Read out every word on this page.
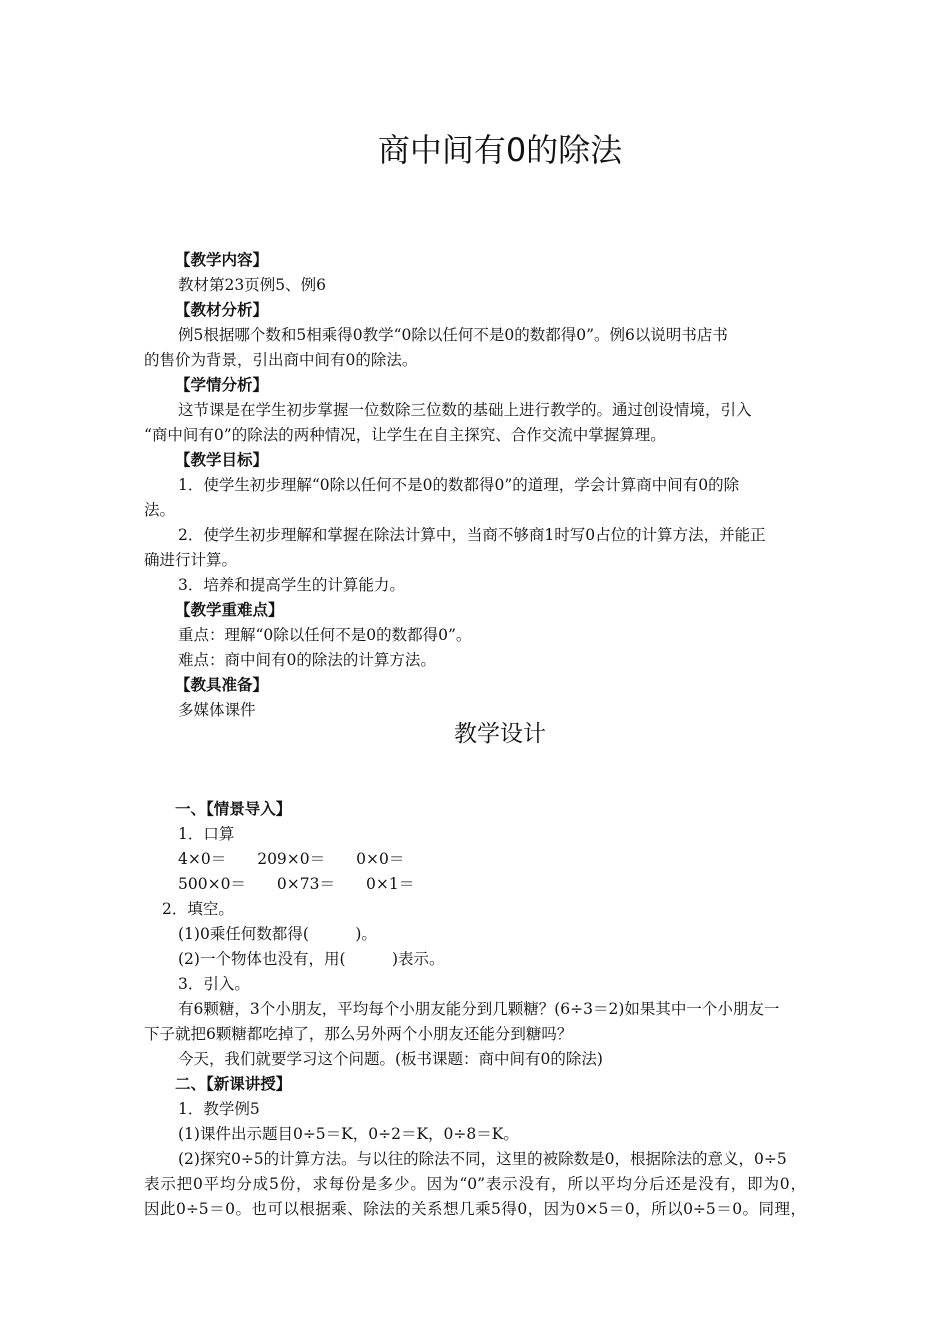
商中间有0的除法
【教学内容】
教材第23页例5、例6
【教材分析】
例5根据哪个数和5相乘得0教学“0除以任何不是0的数都得0”。例6以说明书店书
的售价为背景，引出商中间有0的除法。
【学情分析】
这节课是在学生初步掌握一位数除三位数的基础上进行教学的。通过创设情境，引入
“商中间有0”的除法的两种情况，让学生在自主探究、合作交流中掌握算理。
【教学目标】
1．使学生初步理解“0除以任何不是0的数都得0”的道理，学会计算商中间有0的除
法。
2．使学生初步理解和掌握在除法计算中，当商不够商1时写0占位的计算方法，并能正
确进行计算。
3．培养和提高学生的计算能力。
【教学重难点】
重点：理解“0除以任何不是0的数都得0”。
难点：商中间有0的除法的计算方法。
【教具准备】
多媒体课件
教学设计
一、【情景导入】
1．口算
4×0＝　　209×0＝　　0×0＝
500×0＝　　0×73＝　　0×1＝
2．填空。
(1)0乘任何数都得(　　　)。
(2)一个物体也没有，用(　　　)表示。
3．引入。
有6颗糖，3个小朋友，平均每个小朋友能分到几颗糖？(6÷3＝2)如果其中一个小朋友一
下子就把6颗糖都吃掉了，那么另外两个小朋友还能分到糖吗？
今天，我们就要学习这个问题。(板书课题：商中间有0的除法)
二、【新课讲授】
1．教学例5
(1)课件出示题目0÷5＝K，0÷2＝K，0÷8＝K。
(2)探究0÷5的计算方法。与以往的除法不同，这里的被除数是0，根据除法的意义，0÷5
表示把0平均分成5份，求每份是多少。因为“0”表示没有，所以平均分后还是没有，即为0，
因此0÷5＝0。也可以根据乘、除法的关系想几乘5得0，因为0×5＝0，所以0÷5＝0。同理，
